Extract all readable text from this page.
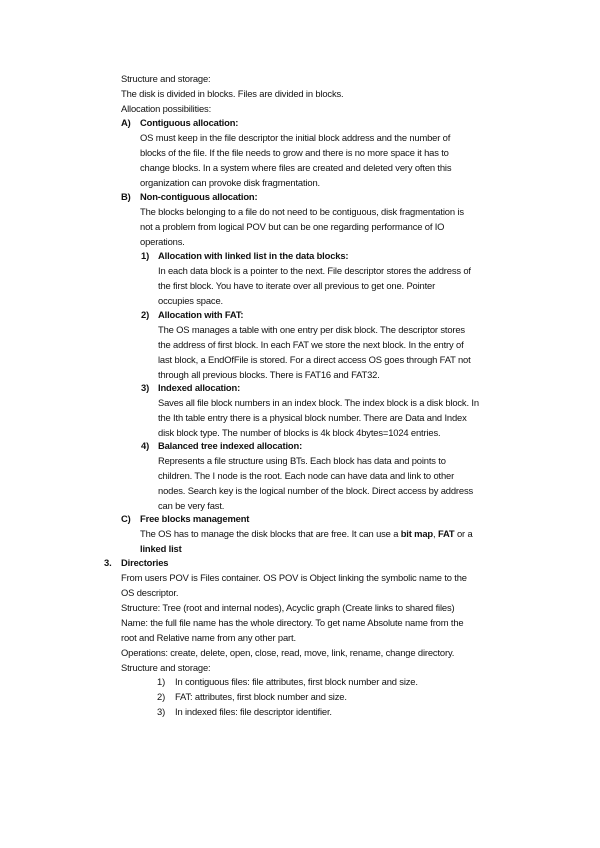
Structure and storage:
The disk is divided in blocks. Files are divided in blocks.
Allocation possibilities:
A) Contiguous allocation:
OS must keep in the file descriptor the initial block address and the number of
blocks of the file. If the file needs to grow and there is no more space it has to
change blocks. In a system where files are created and deleted very often this
organization can provoke disk fragmentation.
B) Non-contiguous allocation:
The blocks belonging to a file do not need to be contiguous, disk fragmentation is
not a problem from logical POV but can be one regarding performance of IO
operations.
1) Allocation with linked list in the data blocks:
In each data block is a pointer to the next. File descriptor stores the address of
the first block. You have to iterate over all previous to get one. Pointer
occupies space.
2) Allocation with FAT:
The OS manages a table with one entry per disk block. The descriptor stores
the address of first block. In each FAT we store the next block. In the entry of
last block, a EndOfFile is stored. For a direct access OS goes through FAT not
through all previous blocks. There is FAT16 and FAT32.
3) Indexed allocation:
Saves all file block numbers in an index block. The index block is a disk block. In
the Ith table entry there is a physical block number. There are Data and Index
disk block type. The number of blocks is 4k block 4bytes=1024 entries.
4) Balanced tree indexed allocation:
Represents a file structure using BTs. Each block has data and points to
children. The I node is the root. Each node can have data and link to other
nodes. Search key is the logical number of the block. Direct access by address
can be very fast.
C) Free blocks management
The OS has to manage the disk blocks that are free. It can use a bit map, FAT or a
linked list
3. Directories
From users POV is Files container. OS POV is Object linking the symbolic name to the
OS descriptor.
Structure: Tree (root and internal nodes), Acyclic graph (Create links to shared files)
Name: the full file name has the whole directory. To get name Absolute name from the
root and Relative name from any other part.
Operations: create, delete, open, close, read, move, link, rename, change directory.
Structure and storage:
1) In contiguous files: file attributes, first block number and size.
2) FAT: attributes, first block number and size.
3) In indexed files: file descriptor identifier.
